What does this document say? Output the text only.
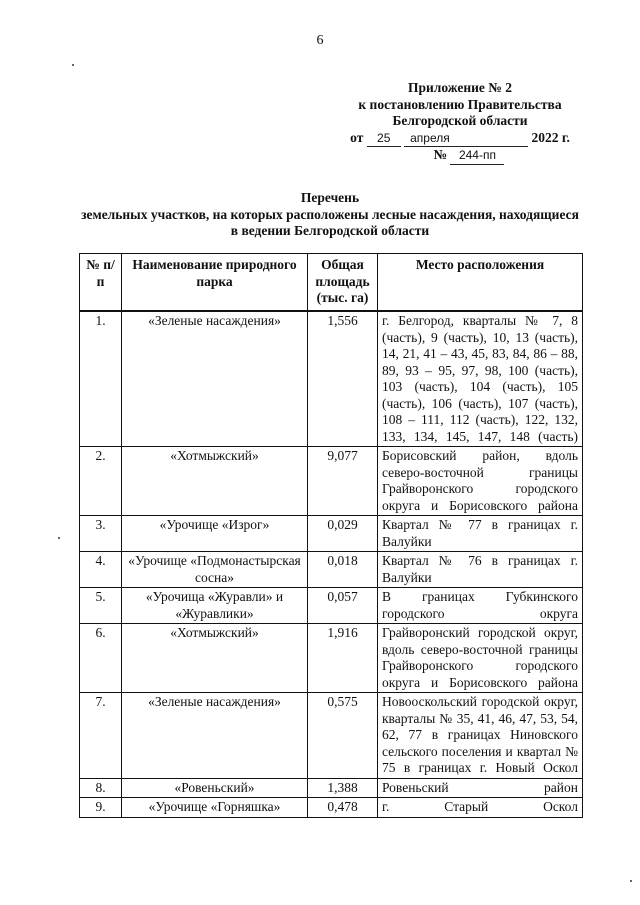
6
Приложение № 2
к постановлению Правительства
Белгородской области
от 25 апреля	2022 г.
№ 244-пп
Перечень
земельных участков, на которых расположены лесные насаждения, находящиеся
в ведении Белгородской области
№ п/п	Наименование природного парка	Общая площадь (тыс. га)	Место расположения
1.	«Зеленые насаждения»	1,556	г. Белгород, кварталы № 7, 8 (часть), 9 (часть), 10, 13 (часть), 14, 21, 41 – 43, 45, 83, 84, 86 – 88, 89, 93 – 95, 97, 98, 100 (часть), 103 (часть), 104 (часть), 105 (часть), 106 (часть), 107 (часть), 108 – 111, 112 (часть), 122, 132, 133, 134, 145, 147, 148 (часть)
2.	«Хотмыжский»	9,077	Борисовский район, вдоль северо-восточной границы Грайворонского городского округа и Борисовского района
3.	«Урочище «Изрог»	0,029	Квартал № 77 в границах г. Валуйки
4.	«Урочище «Подмонастырская сосна»	0,018	Квартал № 76 в границах г. Валуйки
5.	«Урочища «Журавли» и «Журавлики»	0,057	В границах Губкинского городского округа
6.	«Хотмыжский»	1,916	Грайворонский городской округ, вдоль северо-восточной границы Грайворонского городского округа и Борисовского района
7.	«Зеленые насаждения»	0,575	Новооскольский городской округ, кварталы № 35, 41, 46, 47, 53, 54, 62, 77 в границах Ниновского сельского поселения и квартал № 75 в границах г. Новый Оскол
8.	«Ровеньский»	1,388	Ровеньский район
9.	«Урочище «Горняшка»	0,478	г. Старый Оскол
